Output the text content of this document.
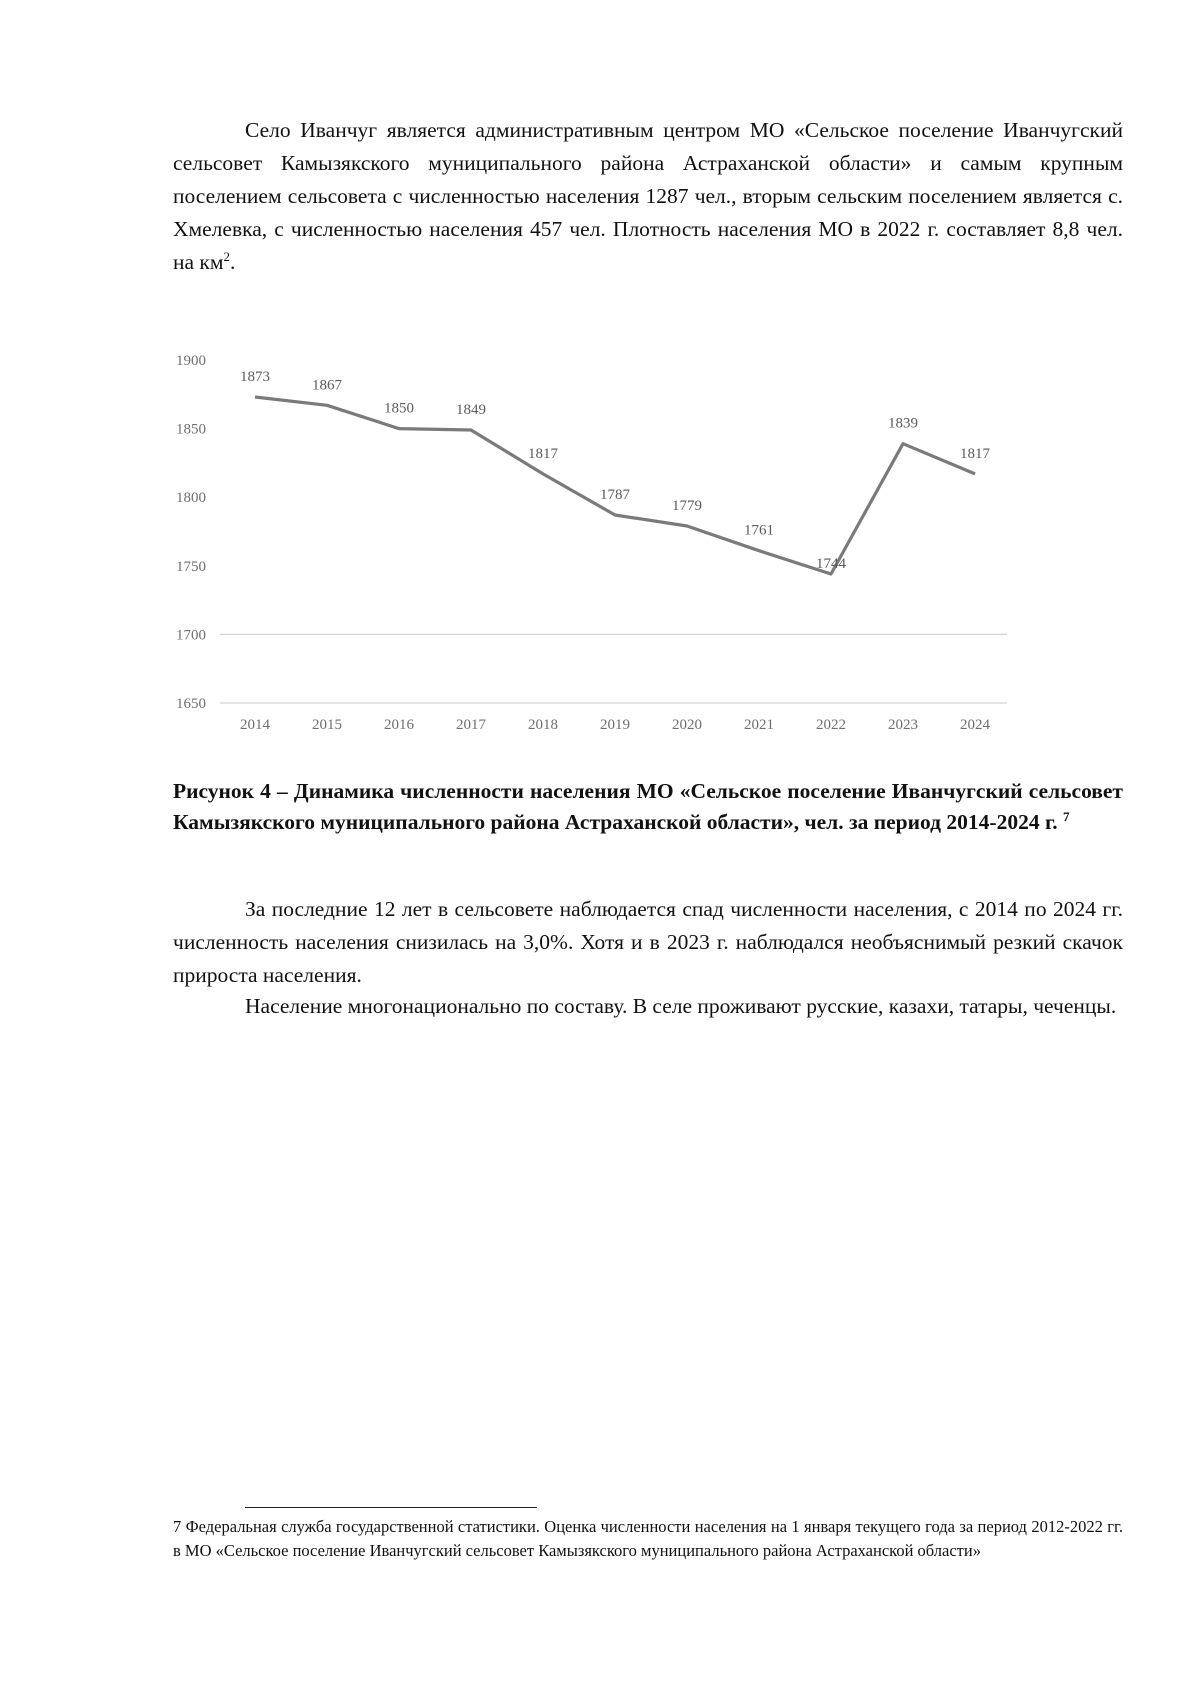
Село Иванчуг является административным центром МО «Сельское поселение Иванчугский сельсовет Камызякского муниципального района Астраханской области» и самым крупным поселением сельсовета с численностью населения 1287 чел., вторым сельским поселением является с. Хмелевка, с численностью населения 457 чел. Плотность населения МО в 2022 г. составляет 8,8 чел. на $км^2$.

1650
1700
1750
1800
1850
1900
2014	2015	2016	2017	2018	2019	2020	2021	2022	2023	2024
1873
1867
1850	1849
1817
1787
1779
1761
1744
1839
1817

Рисунок 4 – Динамика численности населения МО «Сельское поселение Иванчугский сельсовет Камызякского муниципального района Астраханской области», чел. за период 2014-2024 г. $^7$

За последние 12 лет в сельсовете наблюдается спад численности населения, с 2014 по 2024 гг. численность населения снизилась на 3,0%. Хотя и в 2023 г. наблюдался необъяснимый резкий скачок прироста населения.

Население многонационально по составу. В селе проживают русские, казахи, татары, чеченцы.

7 Федеральная служба государственной статистики. Оценка численности населения на 1 января текущего года за период 2012-2022 гг. в МО «Сельское поселение Иванчугский сельсовет Камызякского муниципального района Астраханской области»
